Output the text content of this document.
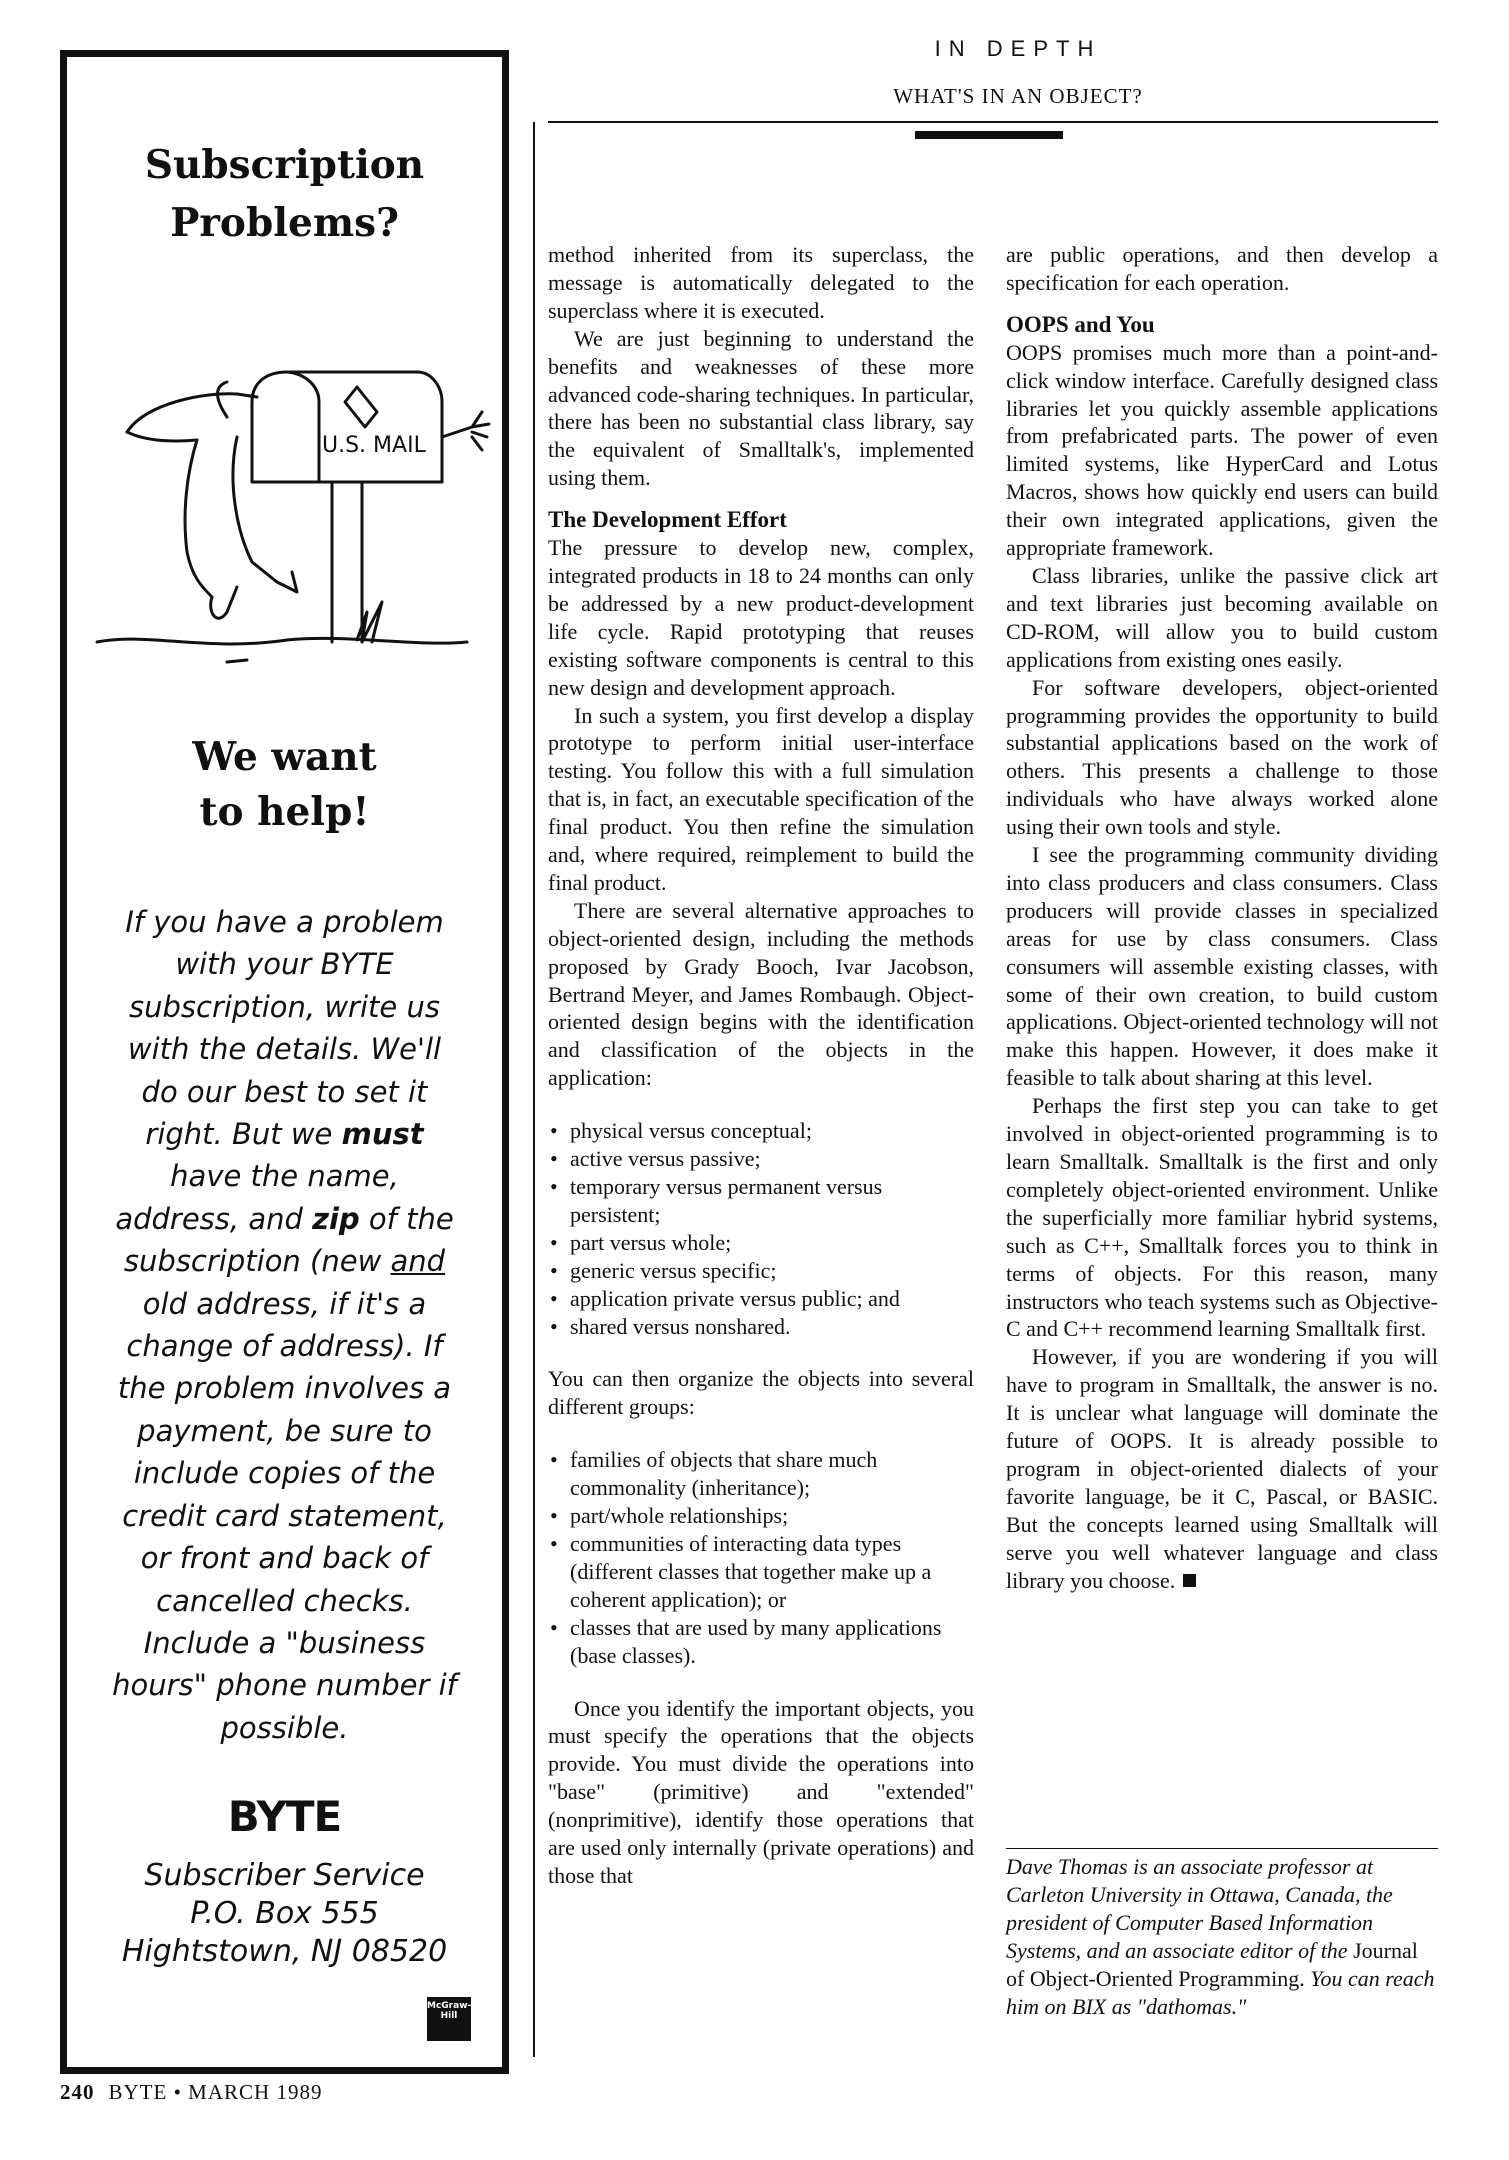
Subscription
Problems?
U.S. MAIL
We want
to help!
If you have a problem
with your BYTE
subscription, write us
with the details. We'll
do our best to set it
right. But we must
have the name,
address, and zip of the
subscription (new and
old address, if it's a
change of address). If
the problem involves a
payment, be sure to
include copies of the
credit card statement,
or front and back of
cancelled checks.
Include a "business
hours" phone number if
possible.
BYTE
Subscriber Service
P.O. Box 555
Hightstown, NJ 08520
McGraw-Hill
IN DEPTH
WHAT'S IN AN OBJECT?

method inherited from its superclass, the message is automatically delegated to the superclass where it is executed.

We are just beginning to understand the benefits and weaknesses of these more advanced code-sharing techniques. In particular, there has been no substantial class library, say the equivalent of Smalltalk's, implemented using them.

The Development Effort

The pressure to develop new, complex, integrated products in 18 to 24 months can only be addressed by a new product-development life cycle. Rapid prototyping that reuses existing software components is central to this new design and development approach.

In such a system, you first develop a display prototype to perform initial user-interface testing. You follow this with a full simulation that is, in fact, an executable specification of the final product. You then refine the simulation and, where required, reimplement to build the final product.

There are several alternative approaches to object-oriented design, including the methods proposed by Grady Booch, Ivar Jacobson, Bertrand Meyer, and James Rombaugh. Object-oriented design begins with the identification and classification of the objects in the application:

• physical versus conceptual;
• active versus passive;
• temporary versus permanent versus persistent;
• part versus whole;
• generic versus specific;
• application private versus public; and
• shared versus nonshared.

You can then organize the objects into several different groups:

• families of objects that share much commonality (inheritance);
• part/whole relationships;
• communities of interacting data types (different classes that together make up a coherent application); or
• classes that are used by many applications (base classes).

Once you identify the important objects, you must specify the operations that the objects provide. You must divide the operations into "base" (primitive) and "extended" (nonprimitive), identify those operations that are used only internally (private operations) and those that

are public operations, and then develop a specification for each operation.

OOPS and You

OOPS promises much more than a point-and-click window interface. Carefully designed class libraries let you quickly assemble applications from prefabricated parts. The power of even limited systems, like HyperCard and Lotus Macros, shows how quickly end users can build their own integrated applications, given the appropriate framework.

Class libraries, unlike the passive click art and text libraries just becoming available on CD-ROM, will allow you to build custom applications from existing ones easily.

For software developers, object-oriented programming provides the opportunity to build substantial applications based on the work of others. This presents a challenge to those individuals who have always worked alone using their own tools and style.

I see the programming community dividing into class producers and class consumers. Class producers will provide classes in specialized areas for use by class consumers. Class consumers will assemble existing classes, with some of their own creation, to build custom applications. Object-oriented technology will not make this happen. However, it does make it feasible to talk about sharing at this level.

Perhaps the first step you can take to get involved in object-oriented programming is to learn Smalltalk. Smalltalk is the first and only completely object-oriented environment. Unlike the superficially more familiar hybrid systems, such as C++, Smalltalk forces you to think in terms of objects. For this reason, many instructors who teach systems such as Objective-C and C++ recommend learning Smalltalk first.

However, if you are wondering if you will have to program in Smalltalk, the answer is no. It is unclear what language will dominate the future of OOPS. It is already possible to program in object-oriented dialects of your favorite language, be it C, Pascal, or BASIC. But the concepts learned using Smalltalk will serve you well whatever language and class library you choose.

Dave Thomas is an associate professor at Carleton University in Ottawa, Canada, the president of Computer Based Information Systems, and an associate editor of the Journal of Object-Oriented Programming. You can reach him on BIX as "dathomas."
240 BYTE • MARCH 1989
